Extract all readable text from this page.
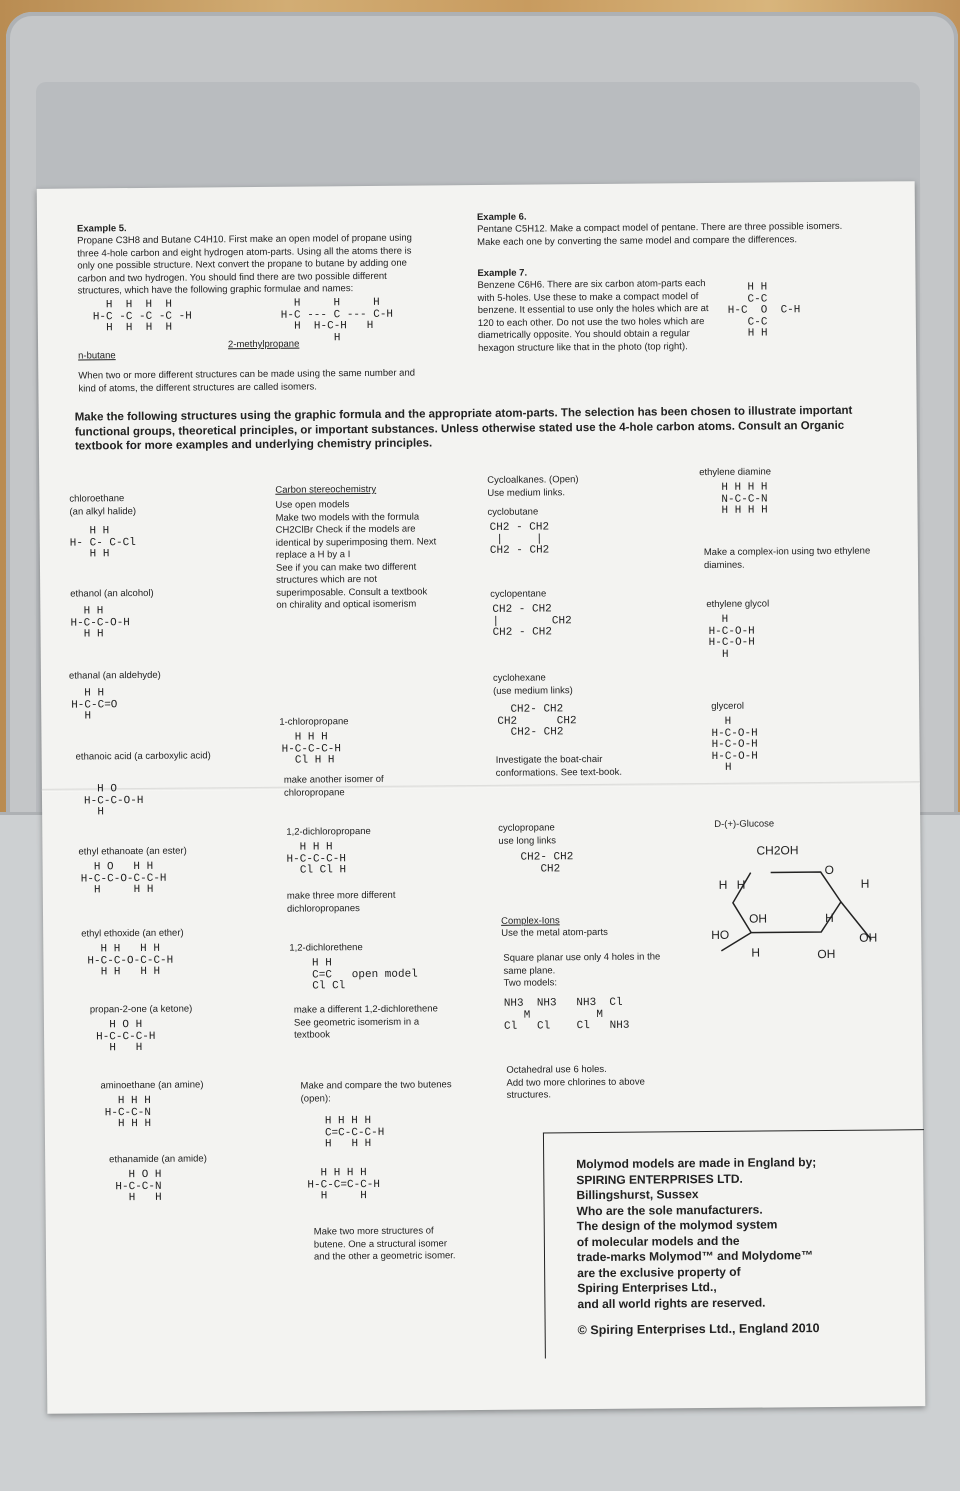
Example 5.
Propane C3H8 and Butane C4H10. First make an open model of propane using three 4-hole carbon and eight hydrogen atom-parts. Using all the atoms there is only one possible structure. Next convert the propane to butane by adding one carbon and two hydrogen. You should find there are two possible different structures, which have the following graphic formulae and names:

H  H  H  H
H-C -C -C -C -H
H  H  H  H
n-butane
H     H     H
H-C --- C --- C-H
H  H-C-H   H
H
2-methylpropane
When two or more different structures can be made using the same number and kind of atoms, the different structures are called isomers.

Example 6.
Pentane C5H12. Make a compact model of pentane. There are three possible isomers. Make each one by converting the same model and compare the differences.

Example 7.
Benzene C6H6. There are six carbon atom-parts each with 5-holes. Use these to make a compact model of benzene. It essential to use only the holes which are at 120 to each other. Do not use the two holes which are diametrically opposite. You should obtain a regular hexagon structure like that in the photo (top right).

H H
C-C
H-C  O  C-H
C-C
H H
Make the following structures using the graphic formula and the appropriate atom-parts. The selection has been chosen to illustrate important functional groups, theoretical principles, or important substances. Unless otherwise stated use the 4-hole carbon atoms. Consult an Organic textbook for more examples and underlying chemistry principles.
chloroethane
(an alkyl halide)
H H
H- C- C-Cl
H H
ethanol (an alcohol)
H H
H-C-C-O-H
H H
ethanal (an aldehyde)
H H
H-C-C=O
H
ethanoic acid (a carboxylic acid)
H O
H-C-C-O-H
H
ethyl ethanoate (an ester)
H O   H H
H-C-C-O-C-C-H
H     H H
ethyl ethoxide (an ether)
H H   H H
H-C-C-O-C-C-H
H H   H H
propan-2-one (a ketone)
H O H
H-C-C-C-H
H   H
aminoethane (an amine)
H H H
H-C-C-N
H H H
ethanamide (an amide)
H O H
H-C-C-N
H   H
Carbon stereochemistry
Use open models
Make two models with the formula CH2ClBr Check if the models are identical by superimposing them. Next replace a H by a I
See if you can make two different structures which are not superimposable. Consult a textbook on chirality and optical isomerism
1-chloropropane
H H H
H-C-C-C-H
Cl H H
make another isomer of chloropropane
1,2-dichloropropane
H H H
H-C-C-C-H
Cl Cl H
make three more different dichloropropanes
1,2-dichlorethene
H H
C=C   open model
Cl Cl
make a different 1,2-dichlorethene
See geometric isomerism in a textbook
Make and compare the two butenes (open):
H H H H
C=C-C-C-H
H   H H
H H H H
H-C-C=C-C-H
H     H
Make two more structures of butene. One a structural isomer and the other a geometric isomer.
Cycloalkanes. (Open)
Use medium links.
cyclobutane
CH2 - CH2
|     |
CH2 - CH2
cyclopentane
CH2 - CH2
|        CH2
CH2 - CH2
cyclohexane
(use medium links)
CH2- CH2
CH2      CH2
CH2- CH2
Investigate the boat-chair conformations. See text-book.
cyclopropane
use long links
CH2- CH2
CH2

Complex-Ions
Use the metal atom-parts

Square planar use only 4 holes in the same plane.
Two models:
NH3  NH3   NH3  Cl
M          M
Cl   Cl    Cl   NH3
Octahedral use 6 holes.
Add two more chlorines to above structures.
ethylene diamine
H H H H
N-C-C-N
H H H H
Make a complex-ion using two ethylene diamines.
ethylene glycol
H
H-C-O-H
H-C-O-H
H
glycerol
H
H-C-O-H
H-C-O-H
H-C-O-H
H
D-(+)-Glucose
CH2OH
O
H H	H
OH	H
HO	OH
H	OH
Molymod models are made in England by;
SPIRING ENTERPRISES LTD.
Billingshurst, Sussex
Who are the sole manufacturers.
The design of the molymod system
of molecular models and the
trade-marks Molymod™ and Molydome™
are the exclusive property of
Spiring Enterprises Ltd.,
and all world rights are reserved.
© Spiring Enterprises Ltd., England 2010
